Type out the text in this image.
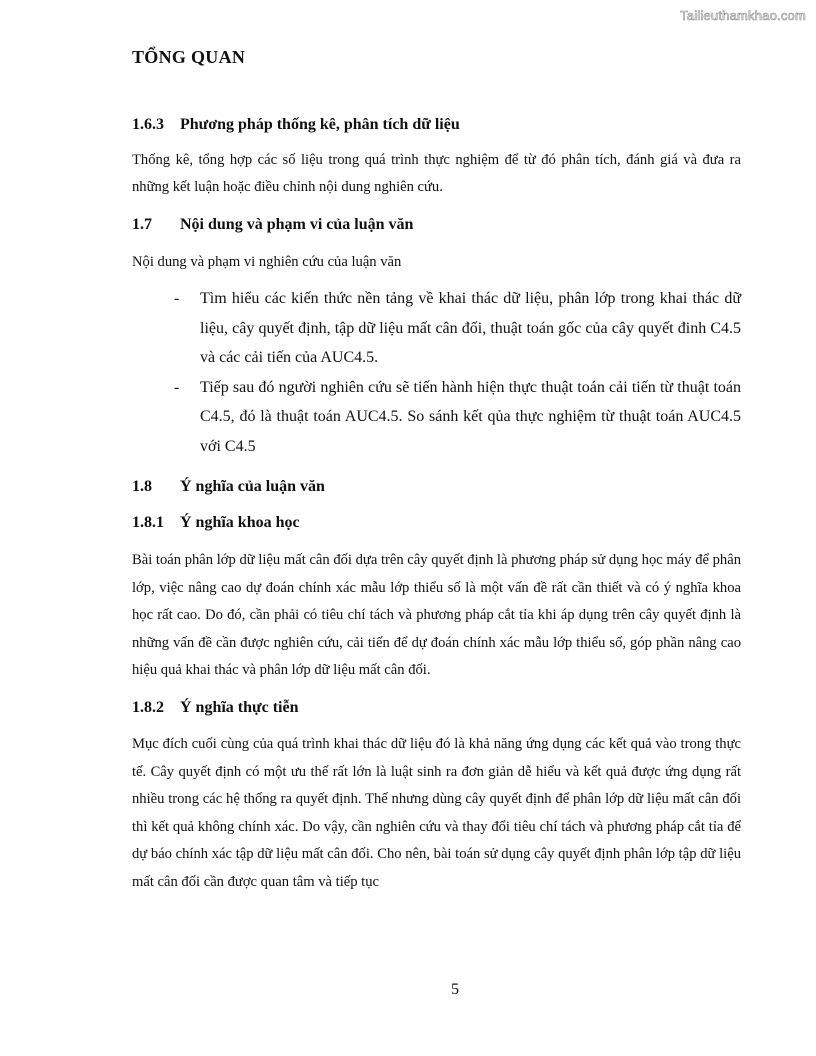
Tailieuthamkhao.com
TỔNG QUAN
1.6.3 Phương pháp thống kê, phân tích dữ liệu
Thống kê, tổng hợp các số liệu trong quá trình thực nghiệm để từ đó phân tích, đánh giá và đưa ra những kết luận hoặc điều chỉnh nội dung nghiên cứu.
1.7 Nội dung và phạm vi của luận văn
Nội dung và phạm vi nghiên cứu của luận văn
- Tìm hiểu các kiến thức nền tảng về khai thác dữ liệu, phân lớp trong khai thác dữ liệu, cây quyết định, tập dữ liệu mất cân đối, thuật toán gốc của cây quyết đinh C4.5 và các cải tiến của AUC4.5.
- Tiếp sau đó người nghiên cứu sẽ tiến hành hiện thực thuật toán cải tiến từ thuật toán C4.5, đó là thuật toán AUC4.5. So sánh kết qủa thực nghiệm từ thuật toán AUC4.5 với C4.5
1.8 Ý nghĩa của luận văn
1.8.1 Ý nghĩa khoa học
Bài toán phân lớp dữ liệu mất cân đối dựa trên cây quyết định là phương pháp sử dụng học máy để phân lớp, việc nâng cao dự đoán chính xác mẫu lớp thiểu số là một vấn đề rất cần thiết và có ý nghĩa khoa học rất cao. Do đó, cần phải có tiêu chí tách và phương pháp cắt tỉa khi áp dụng trên cây quyết định là những vấn đề cần được nghiên cứu, cải tiến để dự đoán chính xác mẫu lớp thiểu số, góp phần nâng cao hiệu quả khai thác và phân lớp dữ liệu mất cân đối.
1.8.2 Ý nghĩa thực tiễn
Mục đích cuối cùng của quá trình khai thác dữ liệu đó là khả năng ứng dụng các kết quả vào trong thực tế. Cây quyết định có một ưu thế rất lớn là luật sinh ra đơn giản dễ hiểu và kết quả được ứng dụng rất nhiều trong các hệ thống ra quyết định. Thế nhưng dùng cây quyết định để phân lớp dữ liệu mất cân đối thì kết quả không chính xác. Do vậy, cần nghiên cứu và thay đổi tiêu chí tách và phương pháp cắt tỉa để dự báo chính xác tập dữ liệu mất cân đối. Cho nên, bài toán sử dụng cây quyết định phân lớp tập dữ liệu mất cân đối cần được quan tâm và tiếp tục
5
